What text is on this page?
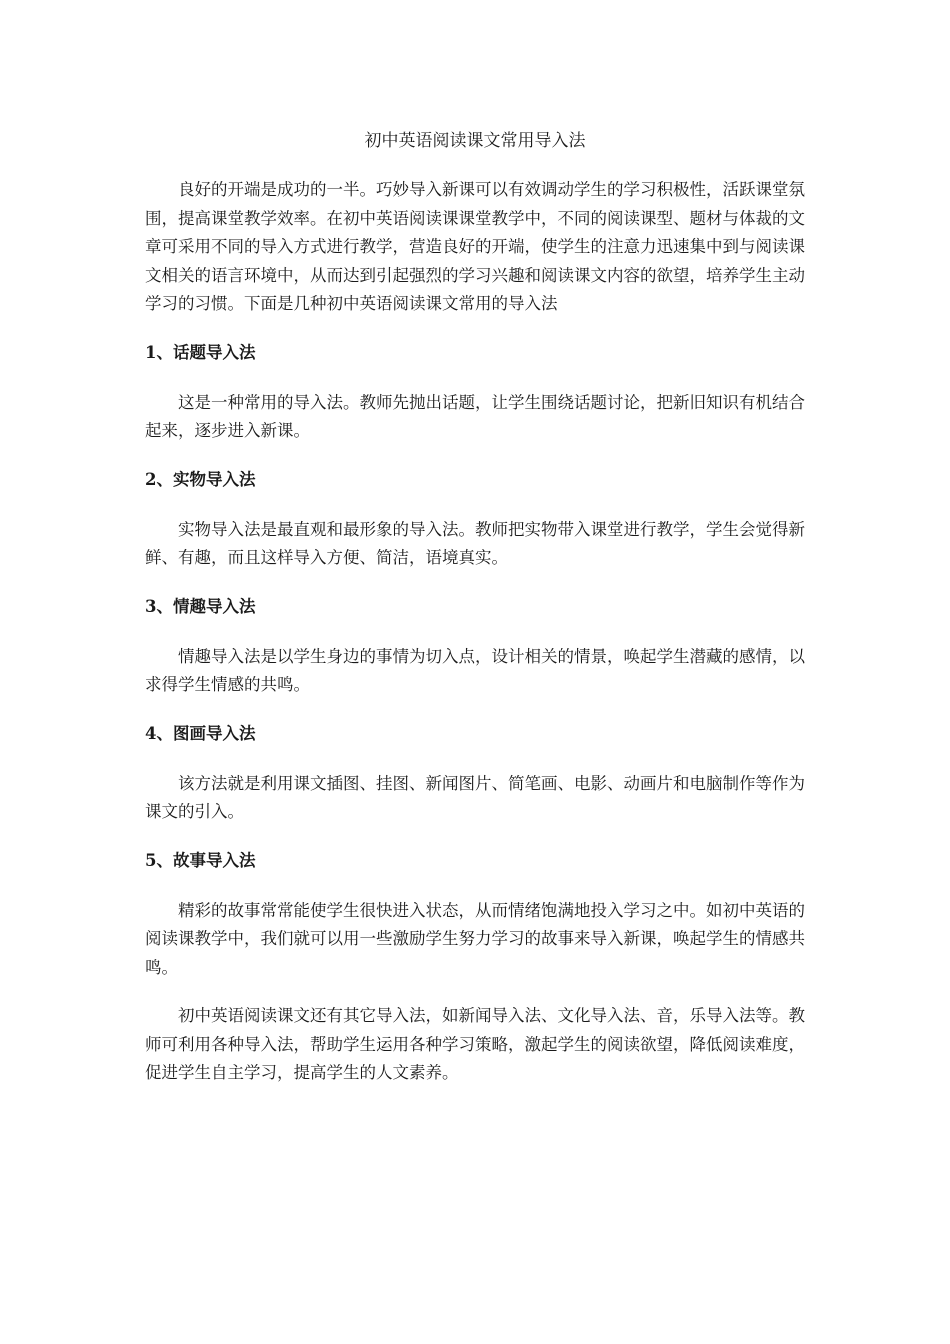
初中英语阅读课文常用导入法

良好的开端是成功的一半。巧妙导入新课可以有效调动学生的学习积极性，活跃课堂氛围，提高课堂教学效率。在初中英语阅读课课堂教学中，不同的阅读课型、题材与体裁的文章可采用不同的导入方式进行教学，营造良好的开端，使学生的注意力迅速集中到与阅读课文相关的语言环境中，从而达到引起强烈的学习兴趣和阅读课文内容的欲望，培养学生主动学习的习惯。下面是几种初中英语阅读课文常用的导入法

1、话题导入法

这是一种常用的导入法。教师先抛出话题，让学生围绕话题讨论，把新旧知识有机结合起来，逐步进入新课。

2、实物导入法

实物导入法是最直观和最形象的导入法。教师把实物带入课堂进行教学，学生会觉得新鲜、有趣，而且这样导入方便、简洁，语境真实。

3、情趣导入法

情趣导入法是以学生身边的事情为切入点，设计相关的情景，唤起学生潜藏的感情，以求得学生情感的共鸣。

4、图画导入法

该方法就是利用课文插图、挂图、新闻图片、简笔画、电影、动画片和电脑制作等作为课文的引入。

5、故事导入法

精彩的故事常常能使学生很快进入状态，从而情绪饱满地投入学习之中。如初中英语的阅读课教学中，我们就可以用一些激励学生努力学习的故事来导入新课，唤起学生的情感共鸣。

初中英语阅读课文还有其它导入法，如新闻导入法、文化导入法、音，乐导入法等。教师可利用各种导入法，帮助学生运用各种学习策略，激起学生的阅读欲望，降低阅读难度，促进学生自主学习，提高学生的人文素养。
